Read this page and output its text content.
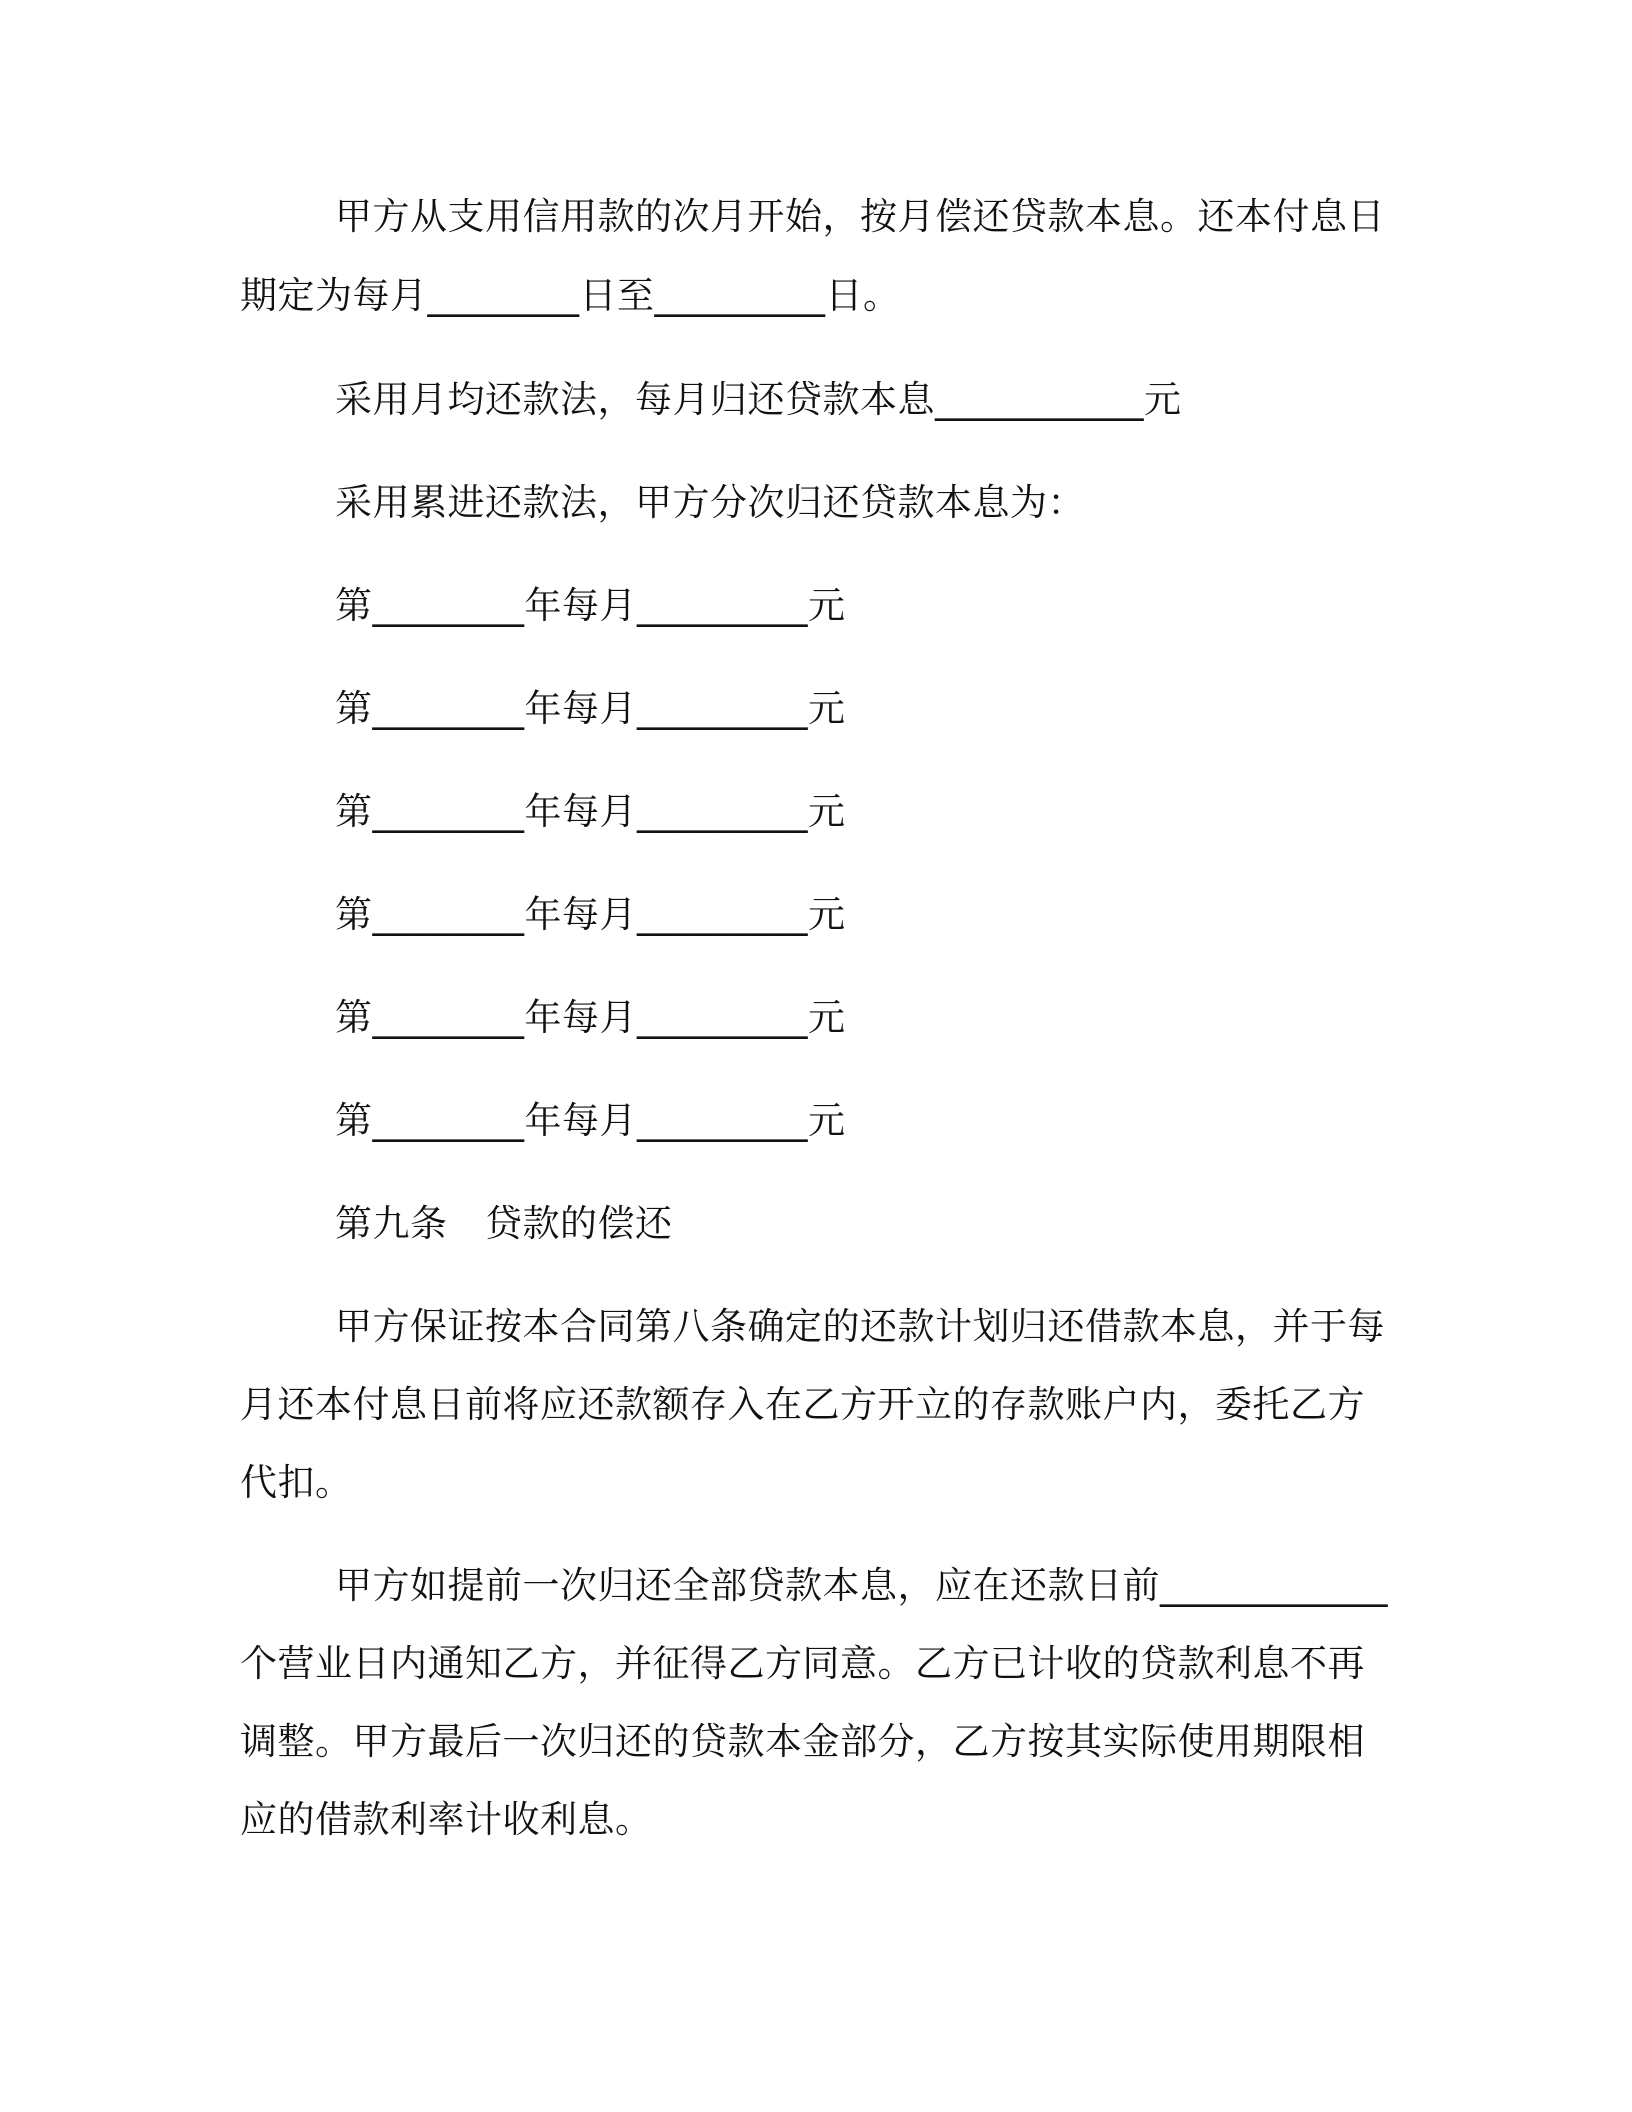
甲方从支用信用款的次月开始，按月偿还贷款本息。还本付息日

期定为每月________日至_________日。

采用月均还款法，每月归还贷款本息___________元

采用累进还款法，甲方分次归还贷款本息为：

第________年每月_________元

第________年每月_________元

第________年每月_________元

第________年每月_________元

第________年每月_________元

第________年每月_________元

第九条　贷款的偿还

甲方保证按本合同第八条确定的还款计划归还借款本息，并于每

月还本付息日前将应还款额存入在乙方开立的存款账户内，委托乙方

代扣。

甲方如提前一次归还全部贷款本息，应在还款日前____________

个营业日内通知乙方，并征得乙方同意。乙方已计收的贷款利息不再

调整。甲方最后一次归还的贷款本金部分，乙方按其实际使用期限相

应的借款利率计收利息。
